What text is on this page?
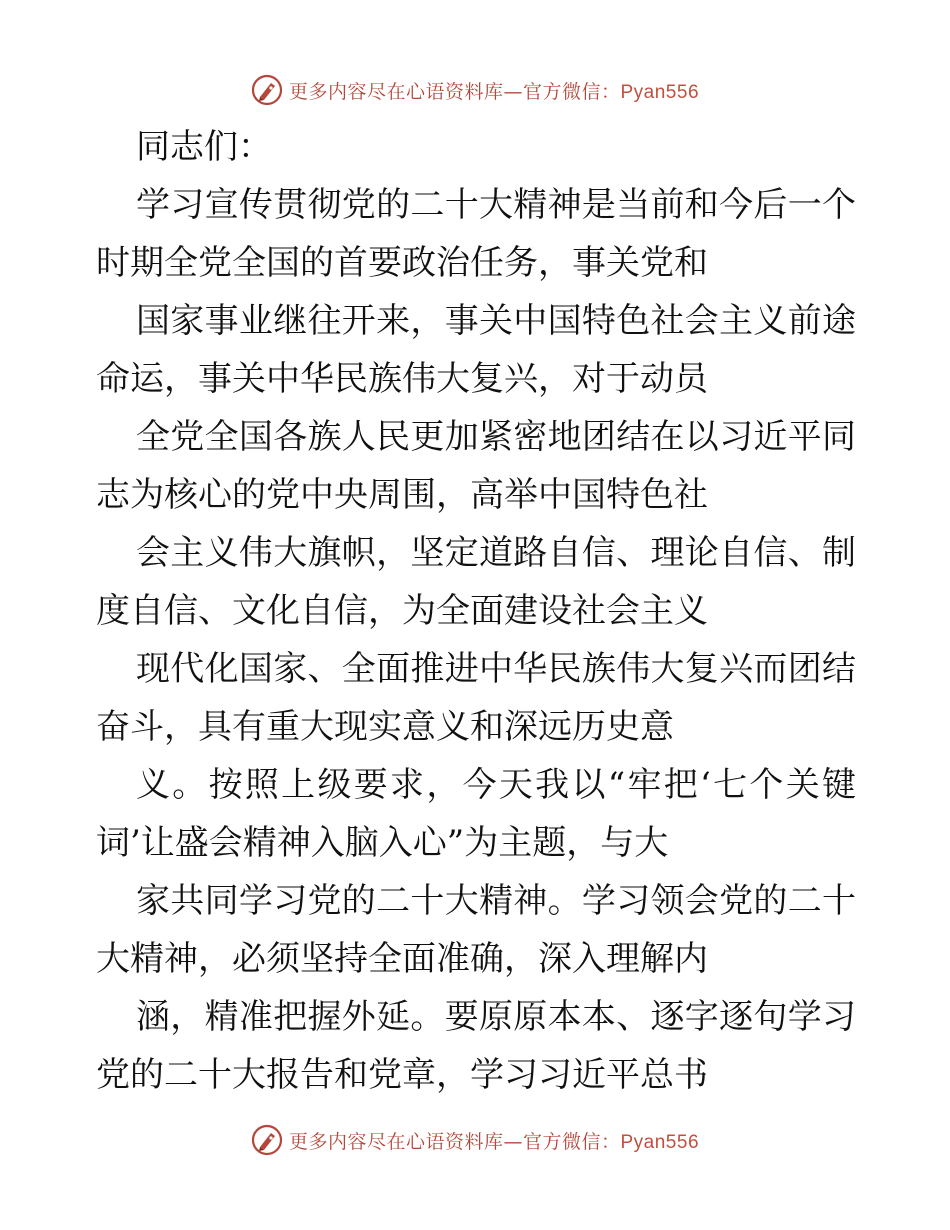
更多内容尽在心语资料库—官方微信：Pyan556
同志们：
学习宣传贯彻党的二十大精神是当前和今后一个
时期全党全国的首要政治任务，事关党和
国家事业继往开来，事关中国特色社会主义前途
命运，事关中华民族伟大复兴，对于动员
全党全国各族人民更加紧密地团结在以习近平同
志为核心的党中央周围，高举中国特色社
会主义伟大旗帜，坚定道路自信、理论自信、制
度自信、文化自信，为全面建设社会主义
现代化国家、全面推进中华民族伟大复兴而团结
奋斗，具有重大现实意义和深远历史意
义。按照上级要求，今天我以“牢把‘七个关键
词’让盛会精神入脑入心”为主题，与大
家共同学习党的二十大精神。学习领会党的二十
大精神，必须坚持全面准确，深入理解内
涵，精准把握外延。要原原本本、逐字逐句学习
党的二十大报告和党章，学习习近平总书
更多内容尽在心语资料库—官方微信：Pyan556
